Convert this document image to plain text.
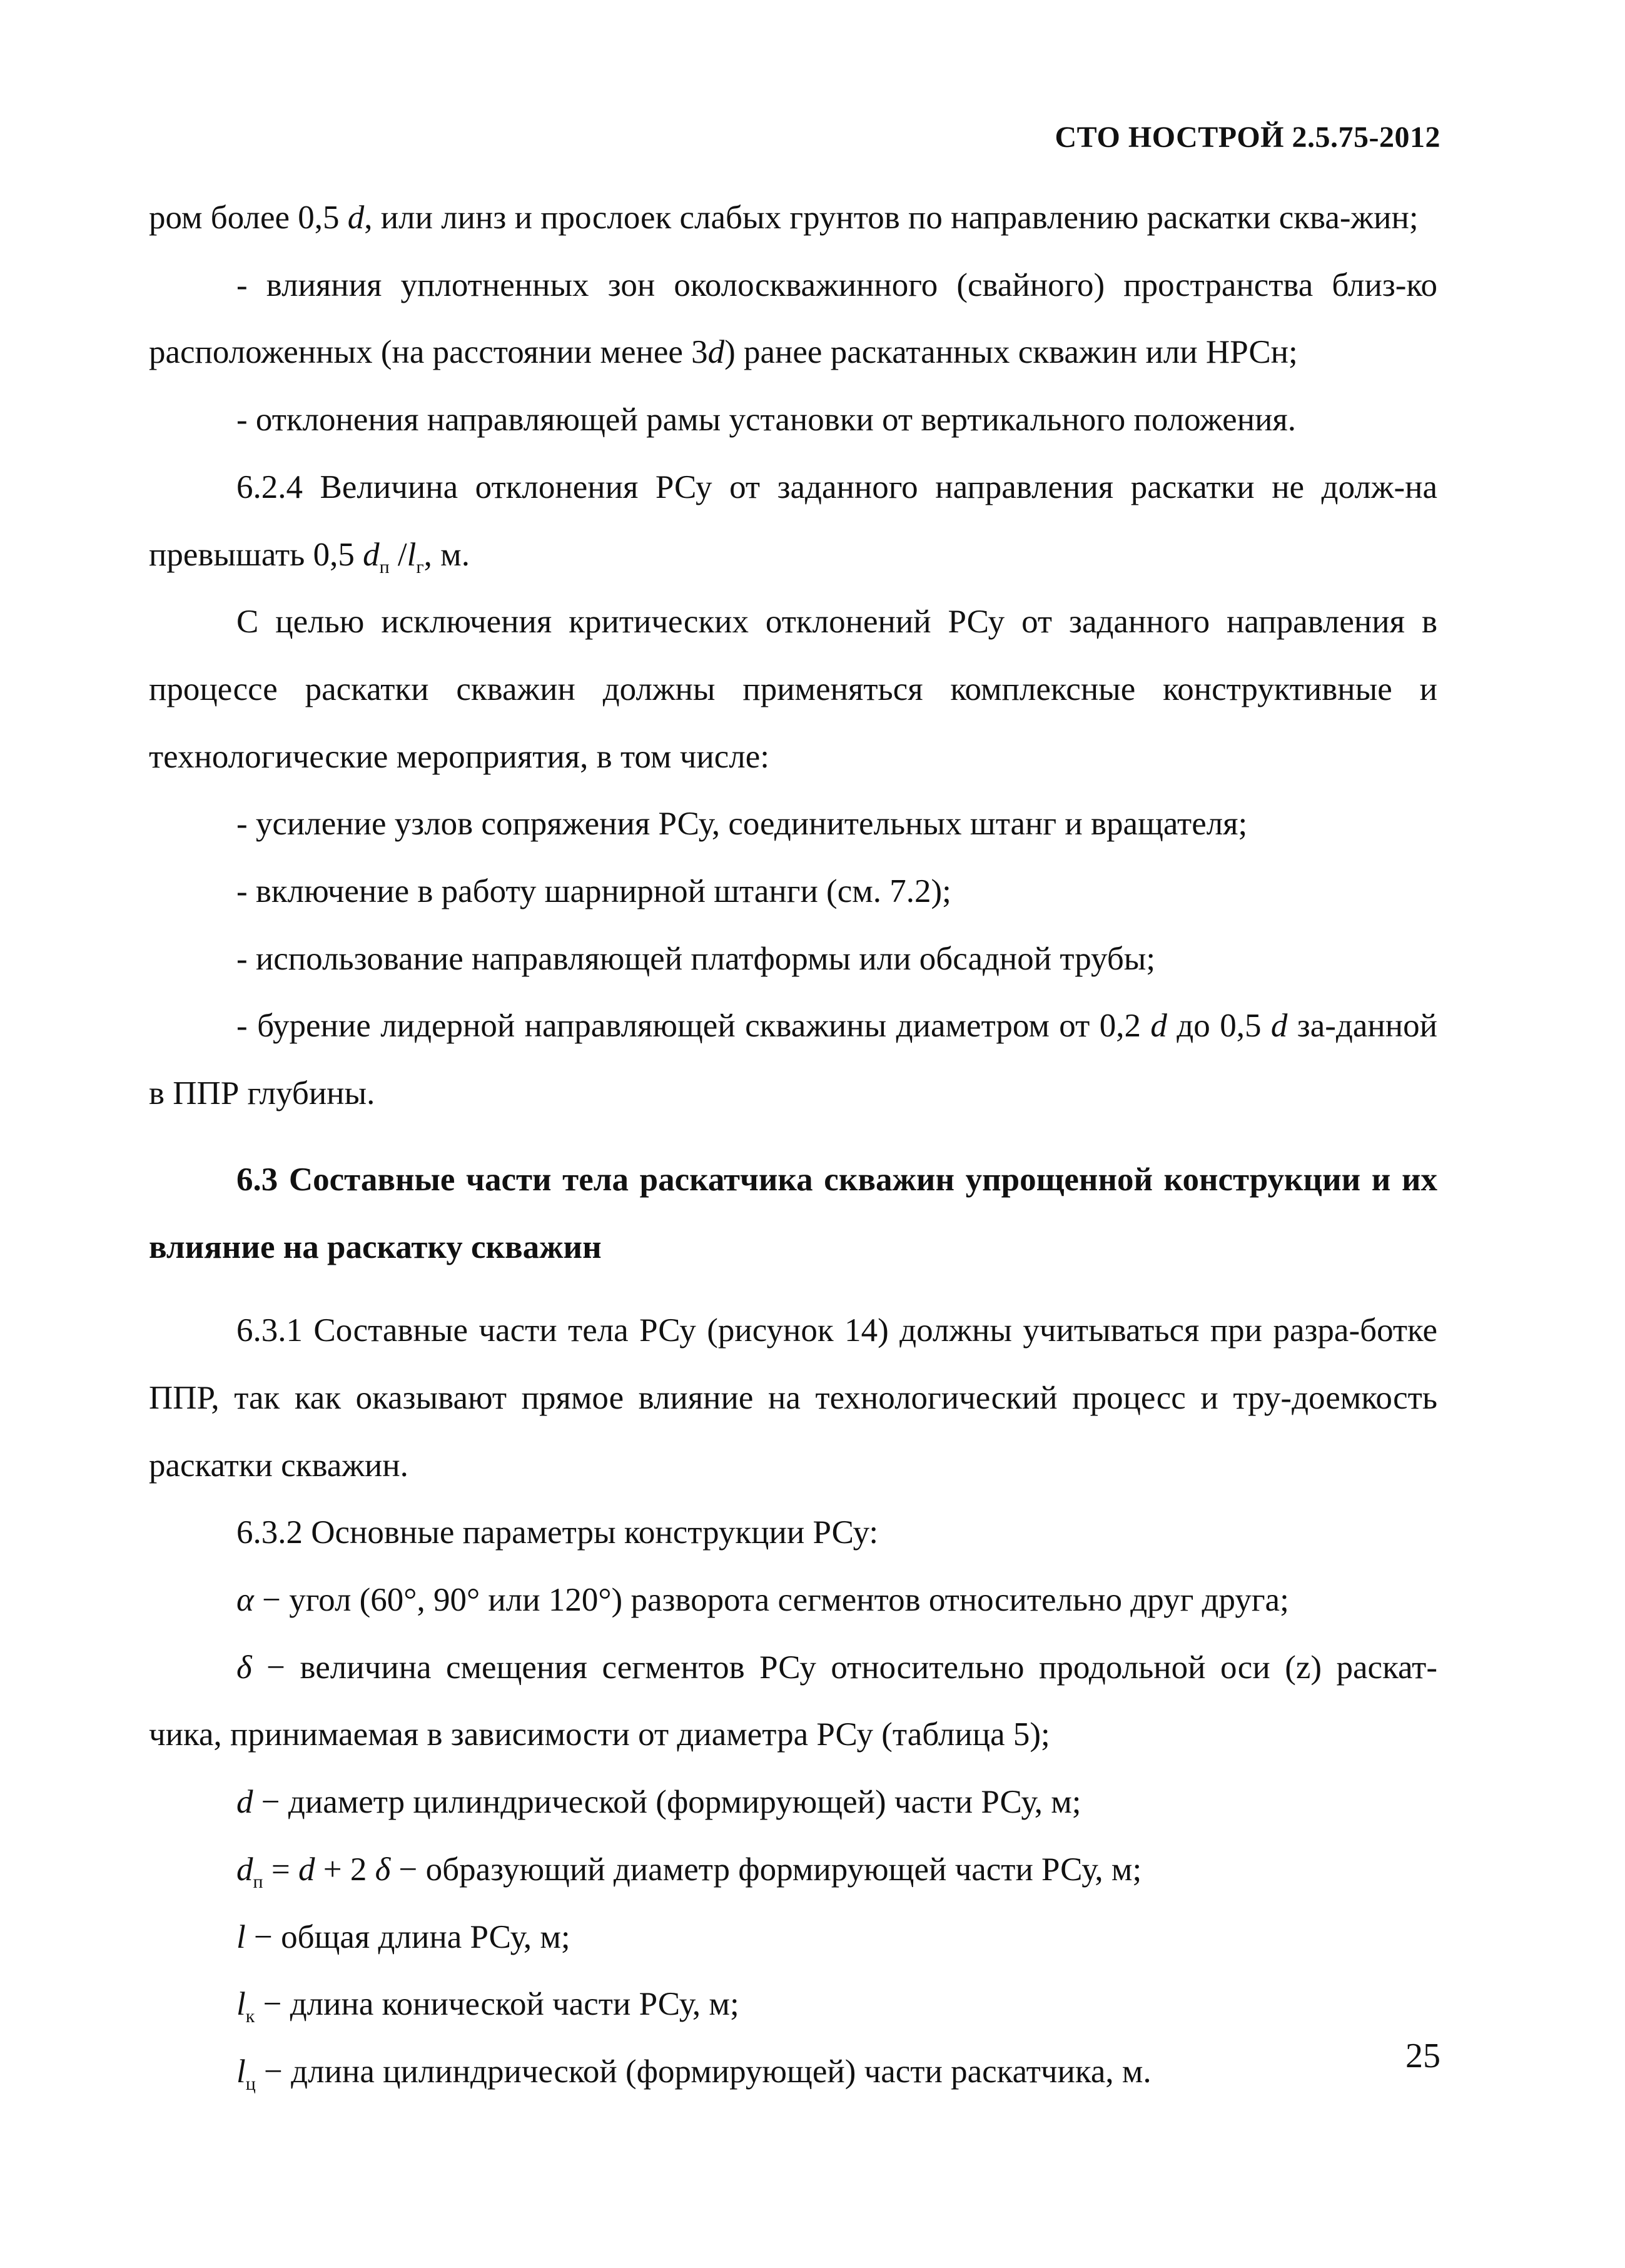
СТО НОСТРОЙ 2.5.75-2012

ром более 0,5 d, или линз и прослоек слабых грунтов по направлению раскатки сква-жин;

- влияния уплотненных зон околоскважинного (свайного) пространства близ-ко расположенных (на расстоянии менее 3d) ранее раскатанных скважин или НРСн;

- отклонения направляющей рамы установки от вертикального положения.

6.2.4 Величина отклонения РСу от заданного направления раскатки не долж-на превышать 0,5 $d_п$ $/l_г$, м.

С целью исключения критических отклонений РСу от заданного направления в процессе раскатки скважин должны применяться комплексные конструктивные и технологические мероприятия, в том числе:

- усиление узлов сопряжения РСу, соединительных штанг и вращателя;

- включение в работу шарнирной штанги (см. 7.2);

- использование направляющей платформы или обсадной трубы;

- бурение лидерной направляющей скважины диаметром от 0,2 d до 0,5 d за-данной в ППР глубины.

6.3 Составные части тела раскатчика скважин упрощенной конструкции и их влияние на раскатку скважин

6.3.1 Составные части тела РСу (рисунок 14) должны учитываться при разра-ботке ППР, так как оказывают прямое влияние на технологический процесс и тру-доемкость раскатки скважин.

6.3.2 Основные параметры конструкции РСу:

α − угол (60°, 90° или 120°) разворота сегментов относительно друг друга;

δ − величина смещения сегментов РСу относительно продольной оси (z) раскат-чика, принимаемая в зависимости от диаметра РСу (таблица 5);

d − диаметр цилиндрической (формирующей) части РСу, м;

$d_п = d + 2$ δ − образующий диаметр формирующей части РСу, м;

l − общая длина РСу, м;

$l_к$ − длина конической части РСу, м;

$l_ц$ − длина цилиндрической (формирующей) части раскатчика, м.	25
